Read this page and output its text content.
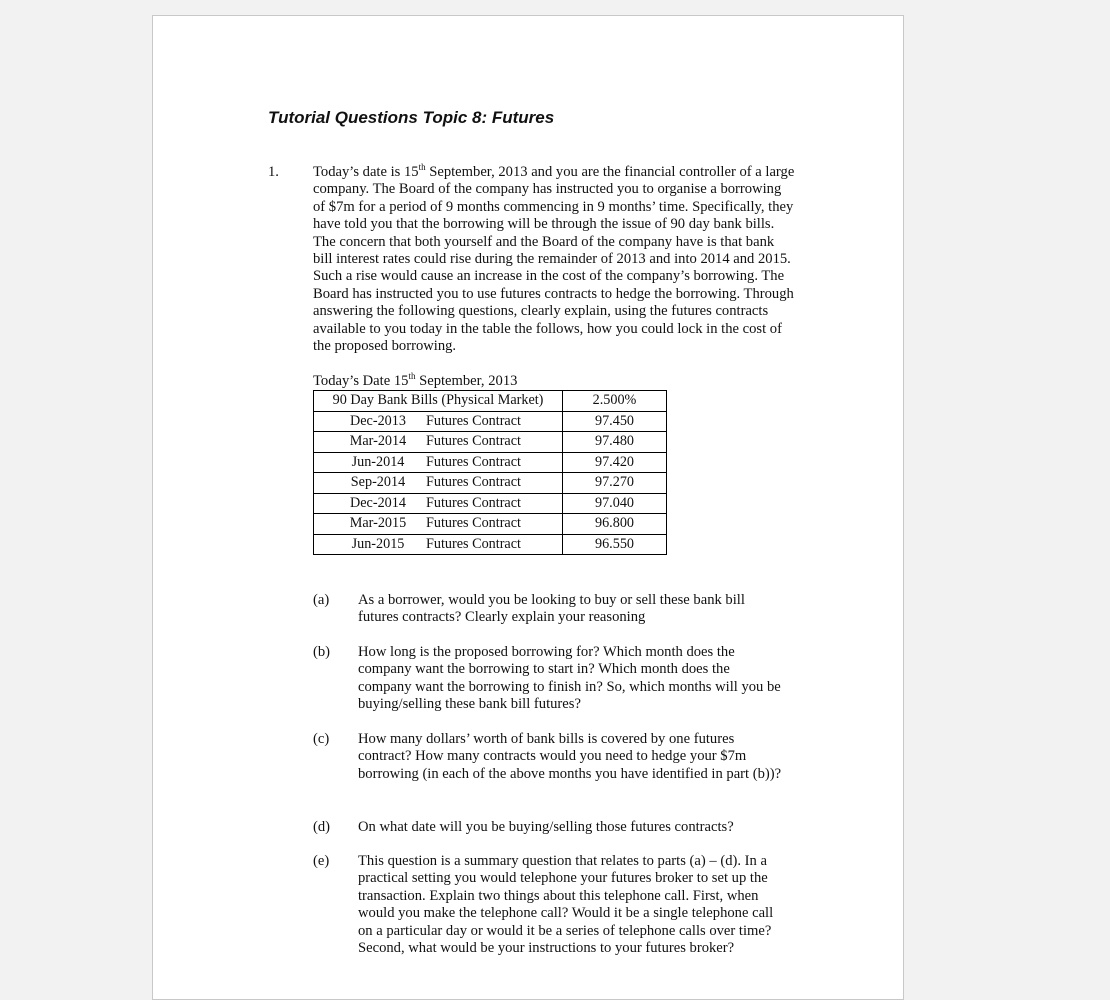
Tutorial Questions Topic 8: Futures
1. Today’s date is 15th September, 2013 and you are the financial controller of a large company. The Board of the company has instructed you to organise a borrowing of $7m for a period of 9 months commencing in 9 months’ time. Specifically, they have told you that the borrowing will be through the issue of 90 day bank bills. The concern that both yourself and the Board of the company have is that bank bill interest rates could rise during the remainder of 2013 and into 2014 and 2015. Such a rise would cause an increase in the cost of the company’s borrowing. The Board has instructed you to use futures contracts to hedge the borrowing. Through answering the following questions, clearly explain, using the futures contracts available to you today in the table the follows, how you could lock in the cost of the proposed borrowing.

Today’s Date 15th September, 2013
90 Day Bank Bills (Physical Market)	2.500%
Dec-2013 Futures Contract	97.450
Mar-2014 Futures Contract	97.480
Jun-2014 Futures Contract	97.420
Sep-2014 Futures Contract	97.270
Dec-2014 Futures Contract	97.040
Mar-2015 Futures Contract	96.800
Jun-2015 Futures Contract	96.550
(a) As a borrower, would you be looking to buy or sell these bank bill futures contracts? Clearly explain your reasoning
(b) How long is the proposed borrowing for? Which month does the company want the borrowing to start in? Which month does the company want the borrowing to finish in? So, which months will you be buying/selling these bank bill futures?
(c) How many dollars’ worth of bank bills is covered by one futures contract? How many contracts would you need to hedge your $7m borrowing (in each of the above months you have identified in part (b))?
(d) On what date will you be buying/selling those futures contracts?
(e) This question is a summary question that relates to parts (a) – (d). In a practical setting you would telephone your futures broker to set up the transaction. Explain two things about this telephone call. First, when would you make the telephone call? Would it be a single telephone call on a particular day or would it be a series of telephone calls over time? Second, what would be your instructions to your futures broker?
